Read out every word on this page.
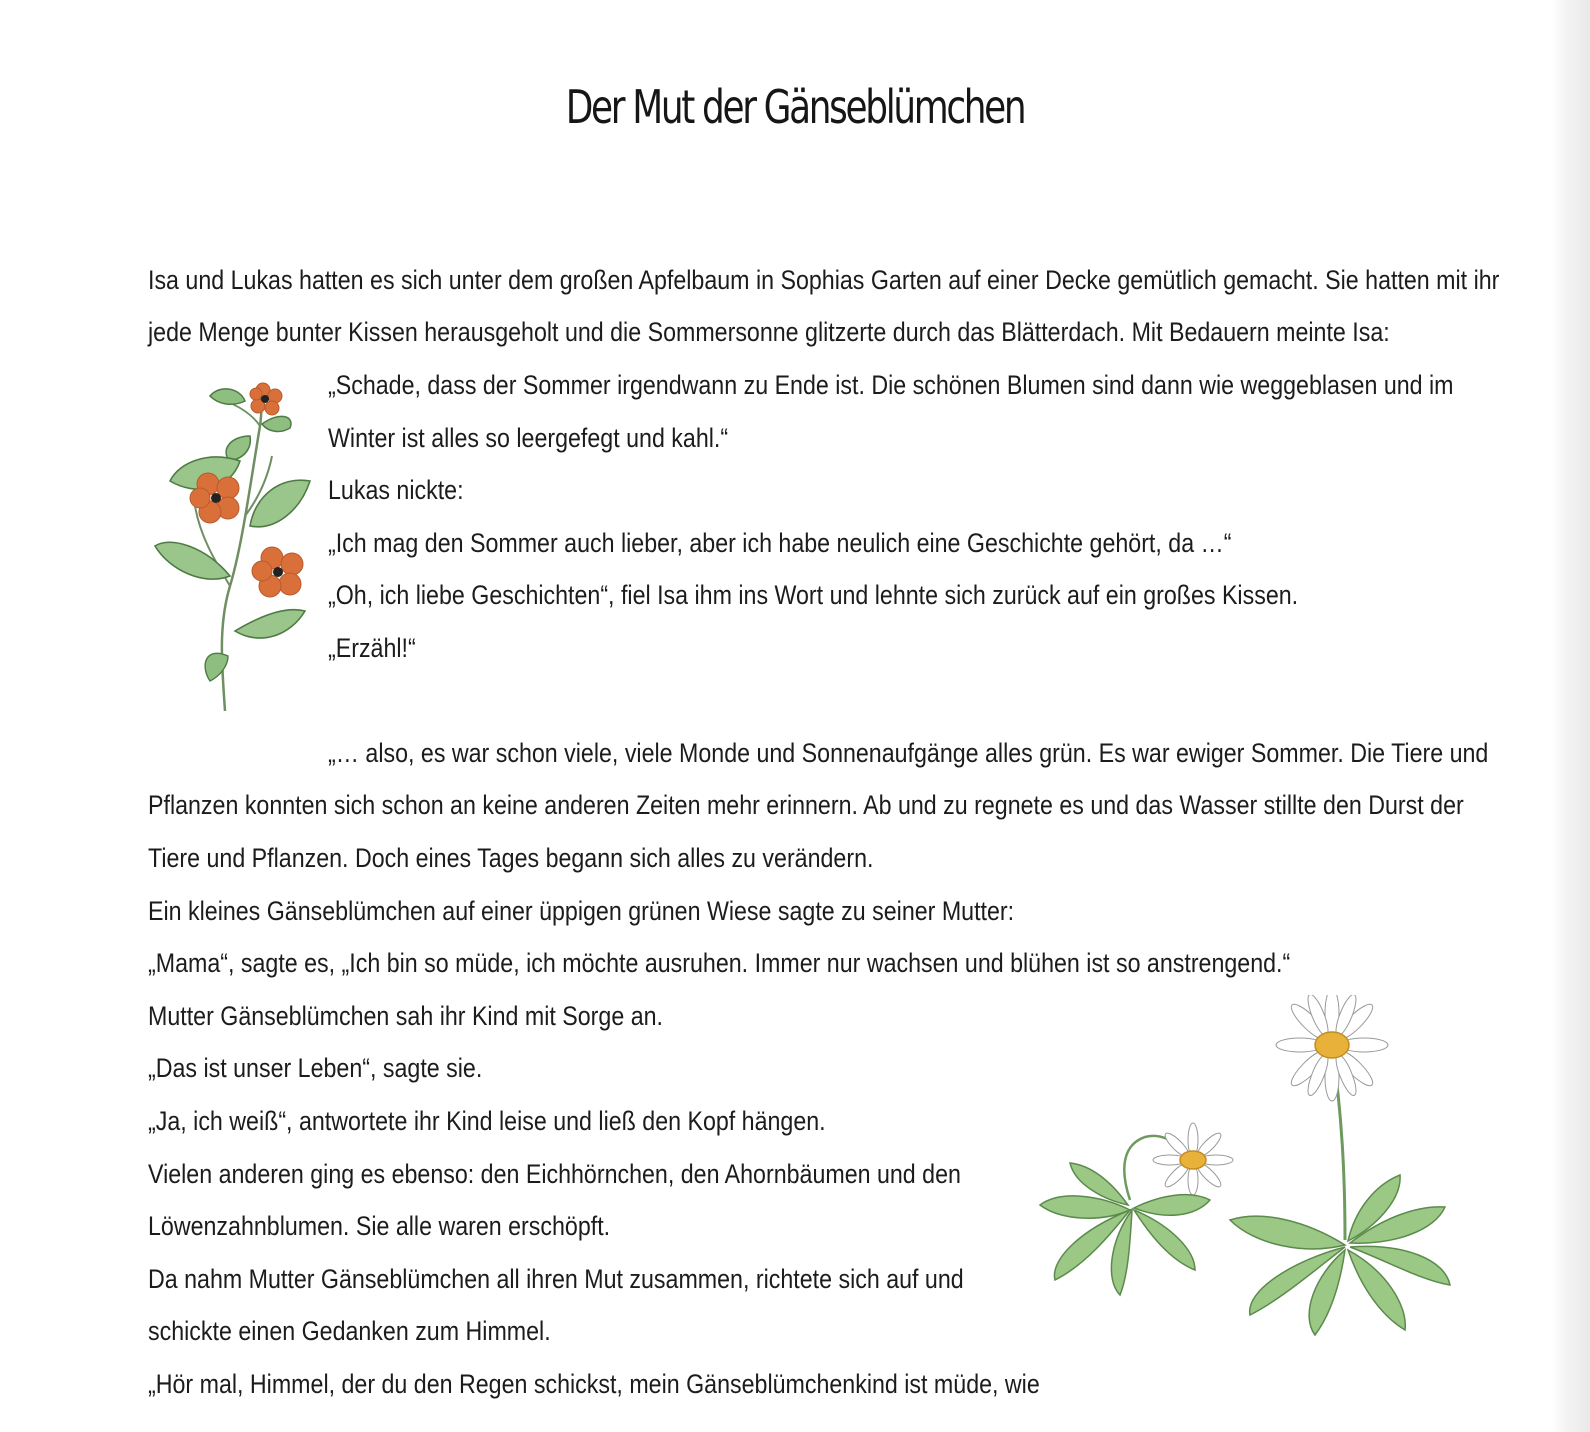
Der Mut der Gänseblümchen
Isa und Lukas hatten es sich unter dem großen Apfelbaum in Sophias Garten auf einer Decke gemütlich gemacht. Sie hatten mit ihr
jede Menge bunter Kissen herausgeholt und die Sommersonne glitzerte durch das Blätterdach. Mit Bedauern meinte Isa:
„Schade, dass der Sommer irgendwann zu Ende ist. Die schönen Blumen sind dann wie weggeblasen und im
Winter ist alles so leergefegt und kahl.“
Lukas nickte:
„Ich mag den Sommer auch lieber, aber ich habe neulich eine Geschichte gehört, da …“
„Oh, ich liebe Geschichten“, fiel Isa ihm ins Wort und lehnte sich zurück auf ein großes Kissen.
„Erzähl!“
„… also, es war schon viele, viele Monde und Sonnenaufgänge alles grün. Es war ewiger Sommer. Die Tiere und
Pflanzen konnten sich schon an keine anderen Zeiten mehr erinnern. Ab und zu regnete es und das Wasser stillte den Durst der
Tiere und Pflanzen. Doch eines Tages begann sich alles zu verändern.
Ein kleines Gänseblümchen auf einer üppigen grünen Wiese sagte zu seiner Mutter:
„Mama“, sagte es, „Ich bin so müde, ich möchte ausruhen. Immer nur wachsen und blühen ist so anstrengend.“
Mutter Gänseblümchen sah ihr Kind mit Sorge an.
„Das ist unser Leben“, sagte sie.
„Ja, ich weiß“, antwortete ihr Kind leise und ließ den Kopf hängen.
Vielen anderen ging es ebenso: den Eichhörnchen, den Ahornbäumen und den
Löwenzahnblumen. Sie alle waren erschöpft.
Da nahm Mutter Gänseblümchen all ihren Mut zusammen, richtete sich auf und
schickte einen Gedanken zum Himmel.
„Hör mal, Himmel, der du den Regen schickst, mein Gänseblümchenkind ist müde, wie
